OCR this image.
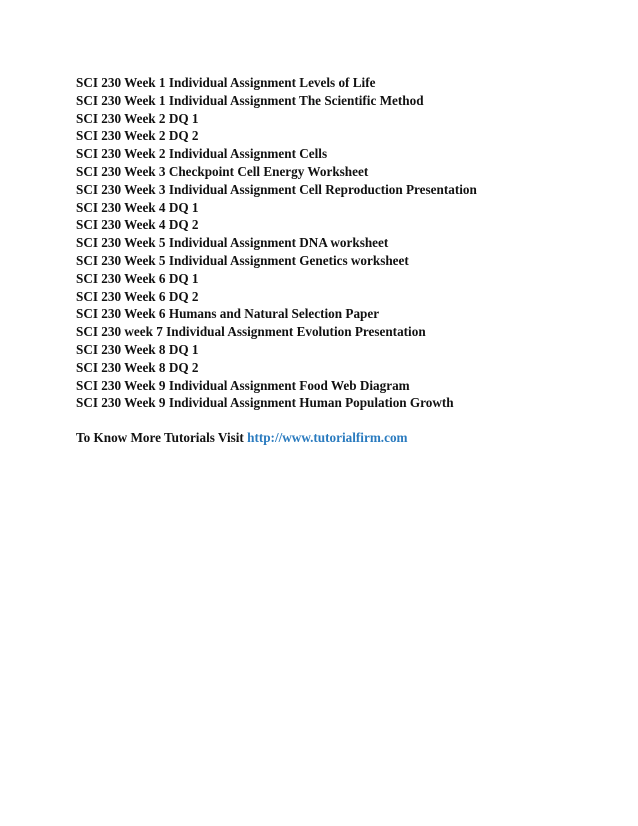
SCI 230 Week 1 Individual Assignment Levels of Life
SCI 230 Week 1 Individual Assignment The Scientific Method
SCI 230 Week 2 DQ 1
SCI 230 Week 2 DQ 2
SCI 230 Week 2 Individual Assignment Cells
SCI 230 Week 3 Checkpoint Cell Energy Worksheet
SCI 230 Week 3 Individual Assignment Cell Reproduction Presentation
SCI 230 Week 4 DQ 1
SCI 230 Week 4 DQ 2
SCI 230 Week 5 Individual Assignment DNA worksheet
SCI 230 Week 5 Individual Assignment Genetics worksheet
SCI 230 Week 6 DQ 1
SCI 230 Week 6 DQ 2
SCI 230 Week 6 Humans and Natural Selection Paper
SCI 230 week 7 Individual Assignment Evolution Presentation
SCI 230 Week 8 DQ 1
SCI 230 Week 8 DQ 2
SCI 230 Week 9 Individual Assignment Food Web Diagram
SCI 230 Week 9 Individual Assignment Human Population Growth
To Know More Tutorials Visit http://www.tutorialfirm.com
